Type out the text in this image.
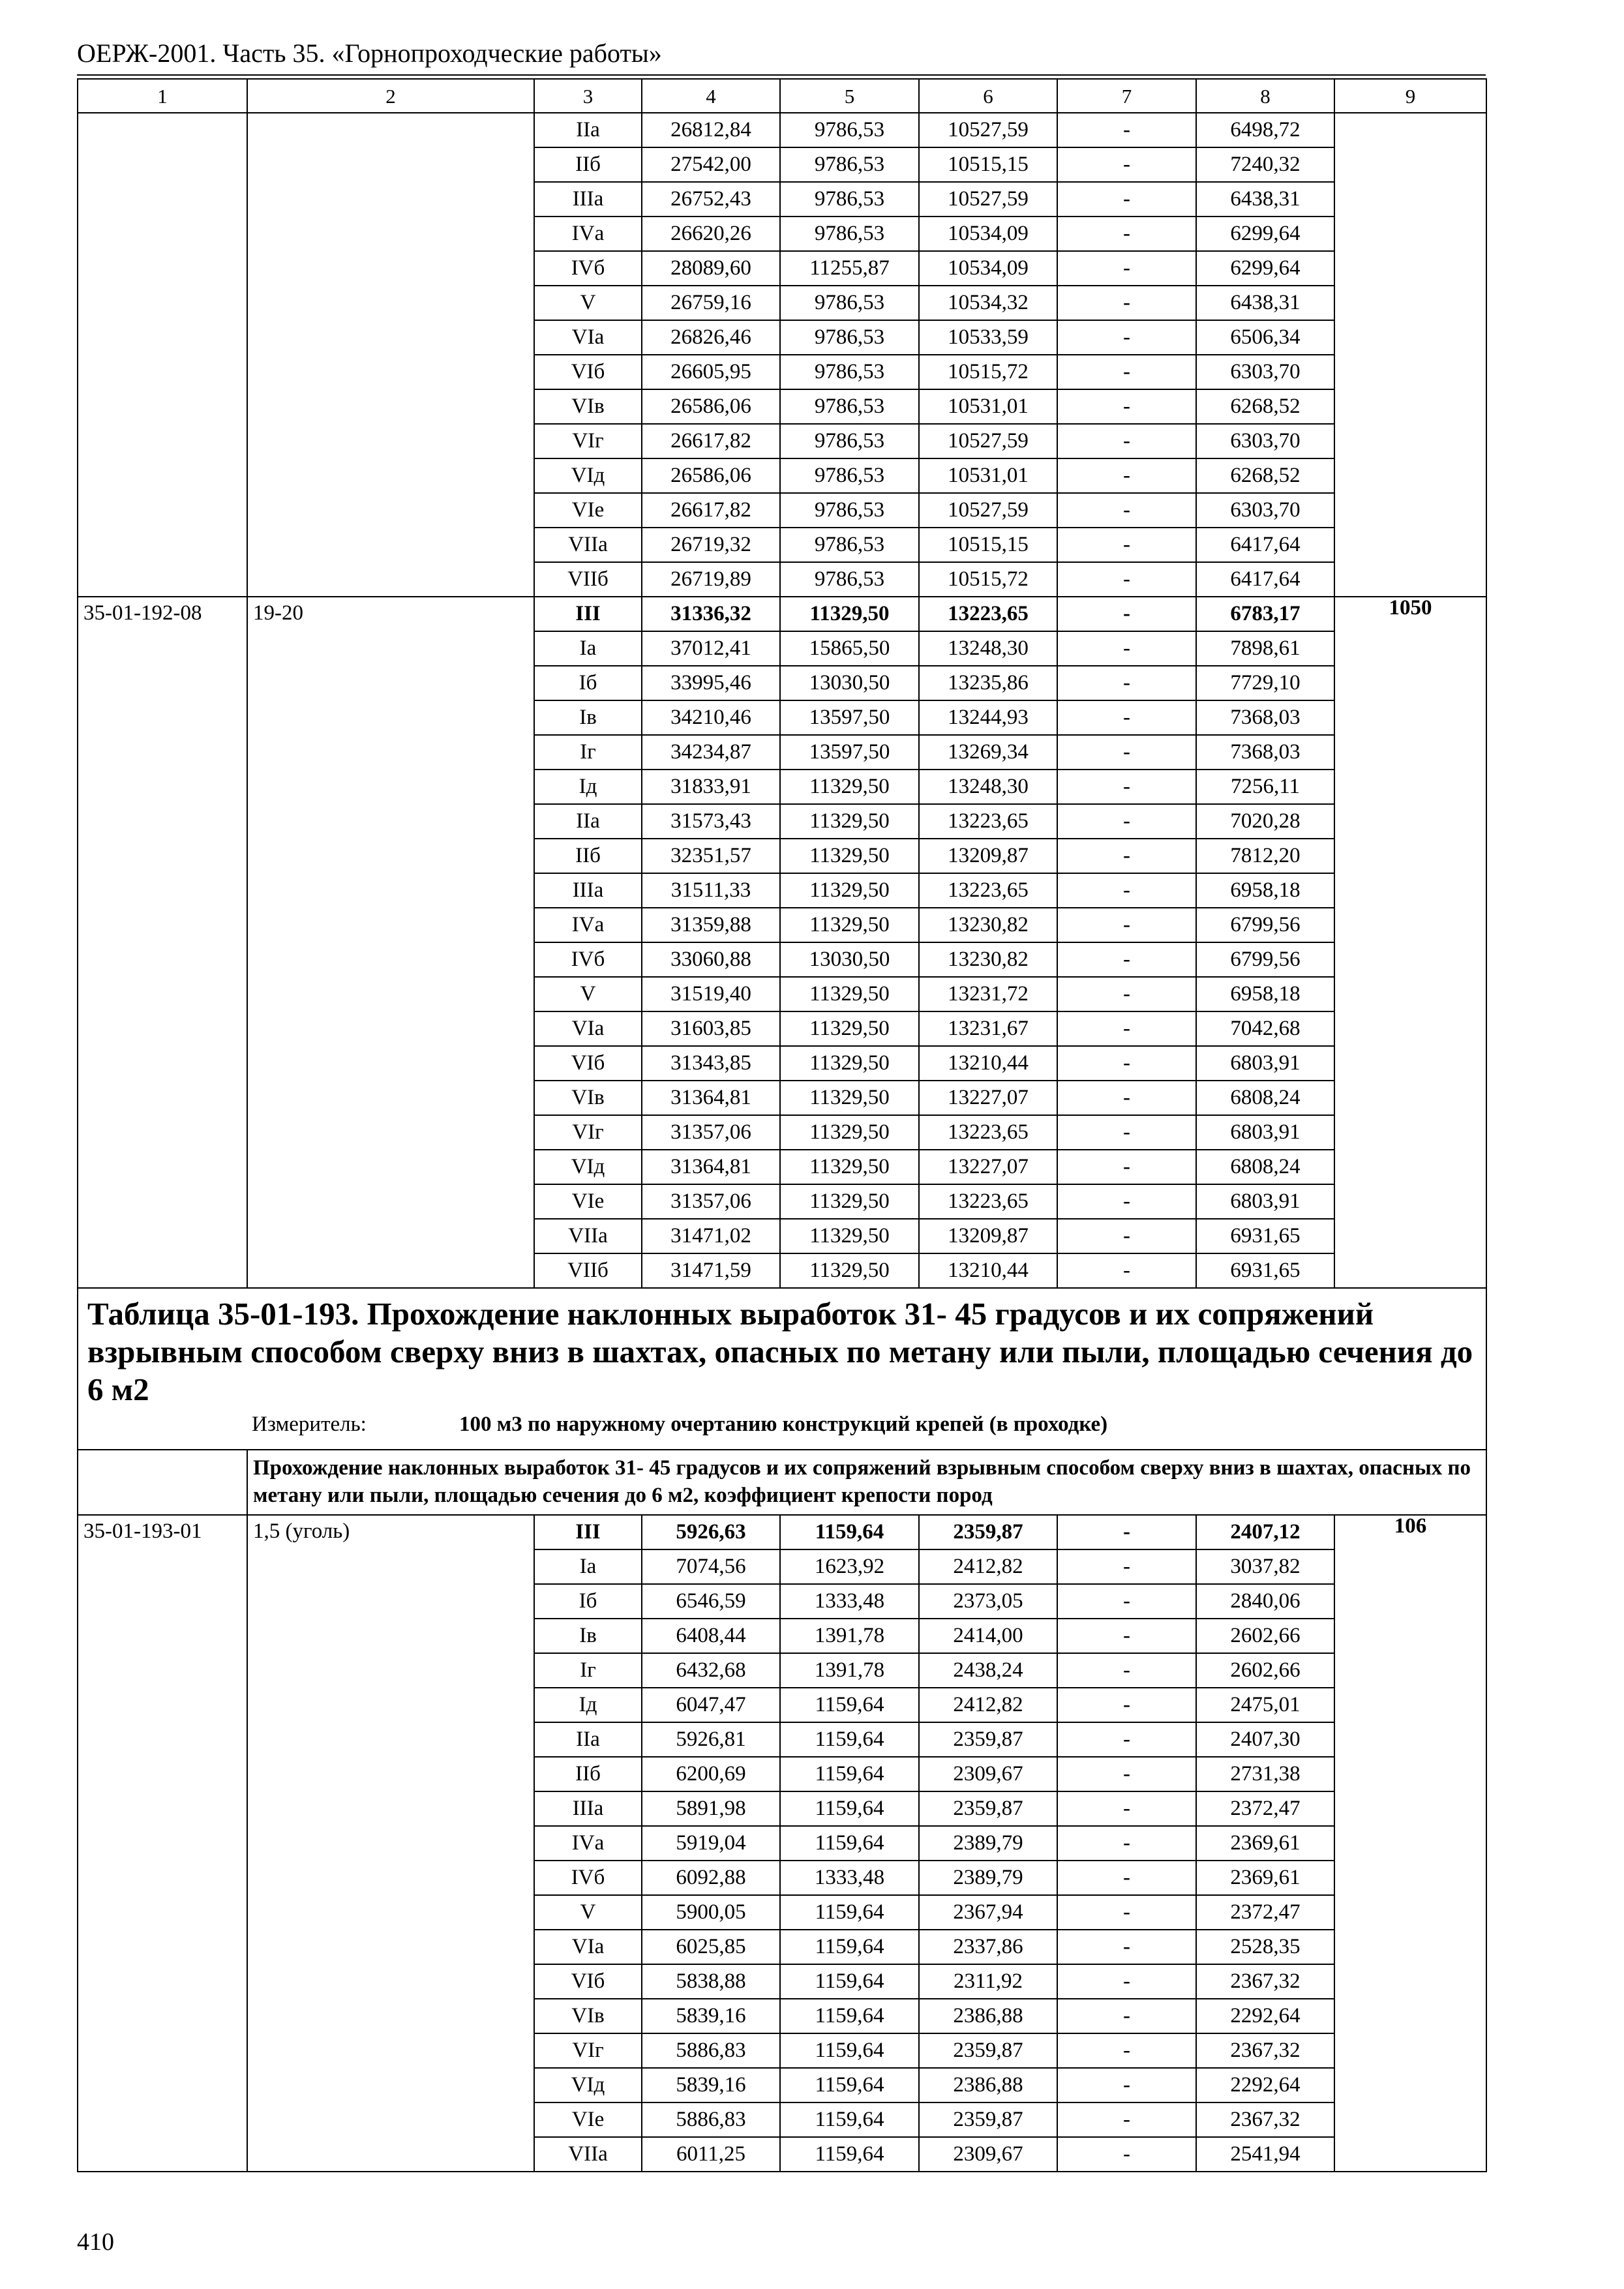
ОЕРЖ-2001. Часть 35. «Горнопроходческие работы»
1	2	3	4	5	6	7	8	9
		IIа	26812,84	9786,53	10527,59	-	6498,72	
		IIб	27542,00	9786,53	10515,15	-	7240,32	
		IIIа	26752,43	9786,53	10527,59	-	6438,31	
		IVа	26620,26	9786,53	10534,09	-	6299,64	
		IVб	28089,60	11255,87	10534,09	-	6299,64	
		V	26759,16	9786,53	10534,32	-	6438,31	
		VIа	26826,46	9786,53	10533,59	-	6506,34	
		VIб	26605,95	9786,53	10515,72	-	6303,70	
		VIв	26586,06	9786,53	10531,01	-	6268,52	
		VIг	26617,82	9786,53	10527,59	-	6303,70	
		VIд	26586,06	9786,53	10531,01	-	6268,52	
		VIе	26617,82	9786,53	10527,59	-	6303,70	
		VIIа	26719,32	9786,53	10515,15	-	6417,64	
		VIIб	26719,89	9786,53	10515,72	-	6417,64	
35-01-192-08	19-20	III	31336,32	11329,50	13223,65	-	6783,17	1050
		Iа	37012,41	15865,50	13248,30	-	7898,61	
		Iб	33995,46	13030,50	13235,86	-	7729,10	
		Iв	34210,46	13597,50	13244,93	-	7368,03	
		Iг	34234,87	13597,50	13269,34	-	7368,03	
		Iд	31833,91	11329,50	13248,30	-	7256,11	
		IIа	31573,43	11329,50	13223,65	-	7020,28	
		IIб	32351,57	11329,50	13209,87	-	7812,20	
		IIIа	31511,33	11329,50	13223,65	-	6958,18	
		IVа	31359,88	11329,50	13230,82	-	6799,56	
		IVб	33060,88	13030,50	13230,82	-	6799,56	
		V	31519,40	11329,50	13231,72	-	6958,18	
		VIа	31603,85	11329,50	13231,67	-	7042,68	
		VIб	31343,85	11329,50	13210,44	-	6803,91	
		VIв	31364,81	11329,50	13227,07	-	6808,24	
		VIг	31357,06	11329,50	13223,65	-	6803,91	
		VIд	31364,81	11329,50	13227,07	-	6808,24	
		VIе	31357,06	11329,50	13223,65	-	6803,91	
		VIIа	31471,02	11329,50	13209,87	-	6931,65	
		VIIб	31471,59	11329,50	13210,44	-	6931,65	

Таблица 35-01-193. Прохождение наклонных выработок 31- 45 градусов и их сопряжений взрывным способом сверху вниз в шахтах, опасных по метану или пыли, площадью сечения до 6 м2
Измеритель: 100 м3 по наружному очертанию конструкций крепей (в проходке)								

	Прохождение наклонных выработок 31- 45 градусов и их сопряжений взрывным способом сверху вниз в шахтах, опасных по метану или пыли, площадью сечения до 6 м2, коэффициент крепости пород							
35-01-193-01	1,5 (уголь)	III	5926,63	1159,64	2359,87	-	2407,12	106
		Iа	7074,56	1623,92	2412,82	-	3037,82	
		Iб	6546,59	1333,48	2373,05	-	2840,06	
		Iв	6408,44	1391,78	2414,00	-	2602,66	
		Iг	6432,68	1391,78	2438,24	-	2602,66	
		Iд	6047,47	1159,64	2412,82	-	2475,01	
		IIа	5926,81	1159,64	2359,87	-	2407,30	
		IIб	6200,69	1159,64	2309,67	-	2731,38	
		IIIа	5891,98	1159,64	2359,87	-	2372,47	
		IVа	5919,04	1159,64	2389,79	-	2369,61	
		IVб	6092,88	1333,48	2389,79	-	2369,61	
		V	5900,05	1159,64	2367,94	-	2372,47	
		VIа	6025,85	1159,64	2337,86	-	2528,35	
		VIб	5838,88	1159,64	2311,92	-	2367,32	
		VIв	5839,16	1159,64	2386,88	-	2292,64	
		VIг	5886,83	1159,64	2359,87	-	2367,32	
		VIд	5839,16	1159,64	2386,88	-	2292,64	
		VIе	5886,83	1159,64	2359,87	-	2367,32	
		VIIа	6011,25	1159,64	2309,67	-	2541,94	
410
